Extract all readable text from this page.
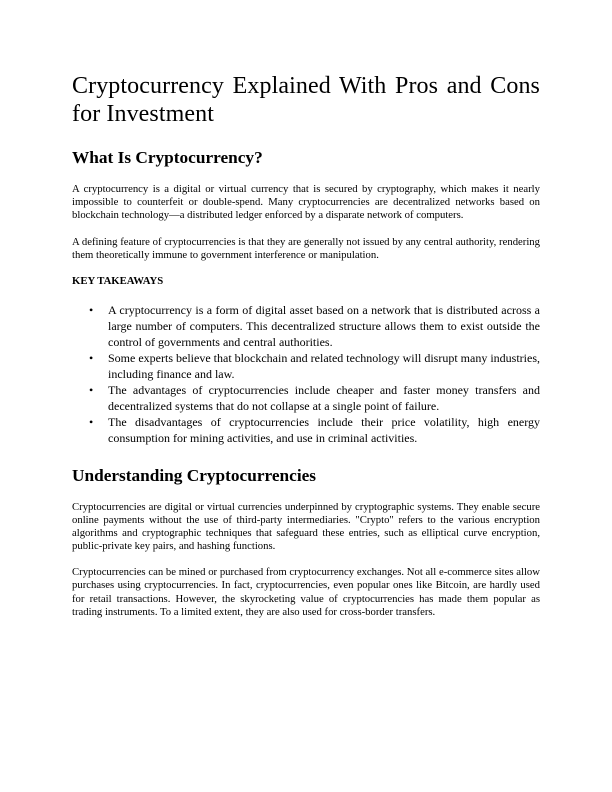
Cryptocurrency Explained With Pros and Cons for Investment
What Is Cryptocurrency?

A cryptocurrency is a digital or virtual currency that is secured by cryptography, which makes it nearly impossible to counterfeit or double-spend. Many cryptocurrencies are decentralized networks based on blockchain technology—a distributed ledger enforced by a disparate network of computers.

A defining feature of cryptocurrencies is that they are generally not issued by any central authority, rendering them theoretically immune to government interference or manipulation.

KEY TAKEAWAYS
• A cryptocurrency is a form of digital asset based on a network that is distributed across a large number of computers. This decentralized structure allows them to exist outside the control of governments and central authorities.
• Some experts believe that blockchain and related technology will disrupt many industries, including finance and law.
• The advantages of cryptocurrencies include cheaper and faster money transfers and decentralized systems that do not collapse at a single point of failure.
• The disadvantages of cryptocurrencies include their price volatility, high energy consumption for mining activities, and use in criminal activities.
Understanding Cryptocurrencies

Cryptocurrencies are digital or virtual currencies underpinned by cryptographic systems. They enable secure online payments without the use of third-party intermediaries. "Crypto" refers to the various encryption algorithms and cryptographic techniques that safeguard these entries, such as elliptical curve encryption, public-private key pairs, and hashing functions.

Cryptocurrencies can be mined or purchased from cryptocurrency exchanges. Not all e-commerce sites allow purchases using cryptocurrencies. In fact, cryptocurrencies, even popular ones like Bitcoin, are hardly used for retail transactions. However, the skyrocketing value of cryptocurrencies has made them popular as trading instruments. To a limited extent, they are also used for cross-border transfers.
